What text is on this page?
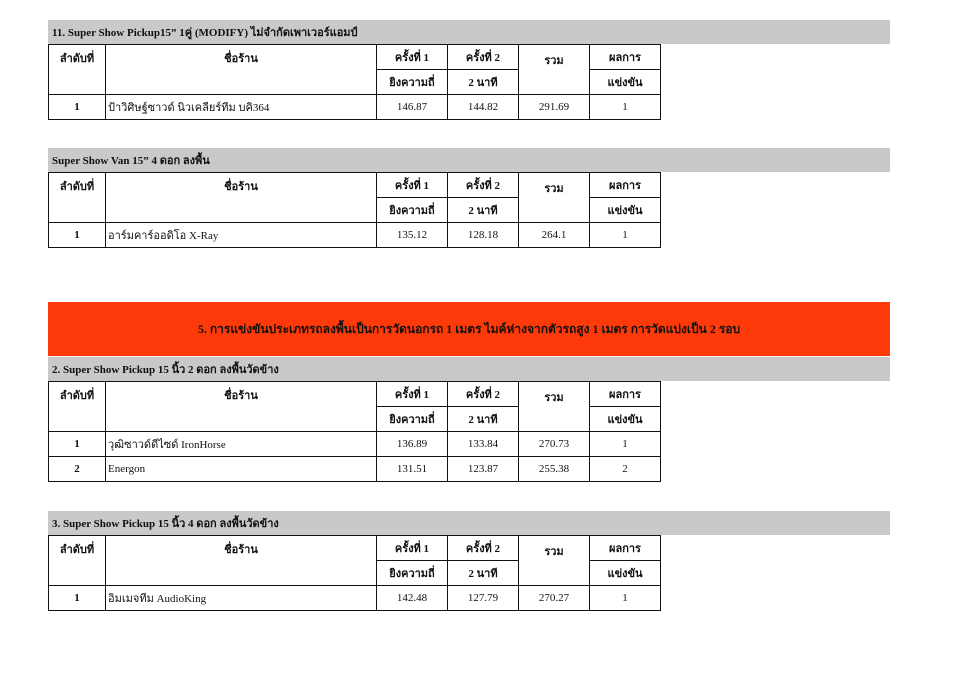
11. Super Show Pickup15” 1คู่ (MODIFY) ไม่จำกัดเพาเวอร์แอมป์
ลำดับที่	ชื่อร้าน	ครั้งที่ 1	ครั้งที่ 2	รวม	ผลการ
		ยิงความถี่	2 นาที		แข่งขัน
1	ป้าวิศิษฐ์ซาวด์ นิวเคลียร์ทีม บคิ364	146.87	144.82	291.69	1
Super Show Van 15” 4 ดอก ลงพื้น
ลำดับที่	ชื่อร้าน	ครั้งที่ 1	ครั้งที่ 2	รวม	ผลการ
		ยิงความถี่	2 นาที		แข่งขัน
1	อาร์มคาร์ออดิโอ X-Ray	135.12	128.18	264.1	1
5. การแข่งขันประเภทรถลงพื้นเป็นการวัดนอกรถ 1 เมตร ไมค์ห่างจากตัวรถสูง 1 เมตร การวัดแบ่งเป็น 2 รอบ
2. Super Show Pickup 15 นิ้ว 2 ดอก ลงพื้นวัดข้าง
ลำดับที่	ชื่อร้าน	ครั้งที่ 1	ครั้งที่ 2	รวม	ผลการ
		ยิงความถี่	2 นาที		แข่งขัน
1	วุฒิซาวด์ดีไซด์ IronHorse	136.89	133.84	270.73	1
2	Energon	131.51	123.87	255.38	2
3. Super Show Pickup 15 นิ้ว 4 ดอก ลงพื้นวัดข้าง
ลำดับที่	ชื่อร้าน	ครั้งที่ 1	ครั้งที่ 2	รวม	ผลการ
		ยิงความถี่	2 นาที		แข่งขัน
1	อิมเมจทีม AudioKing	142.48	127.79	270.27	1
